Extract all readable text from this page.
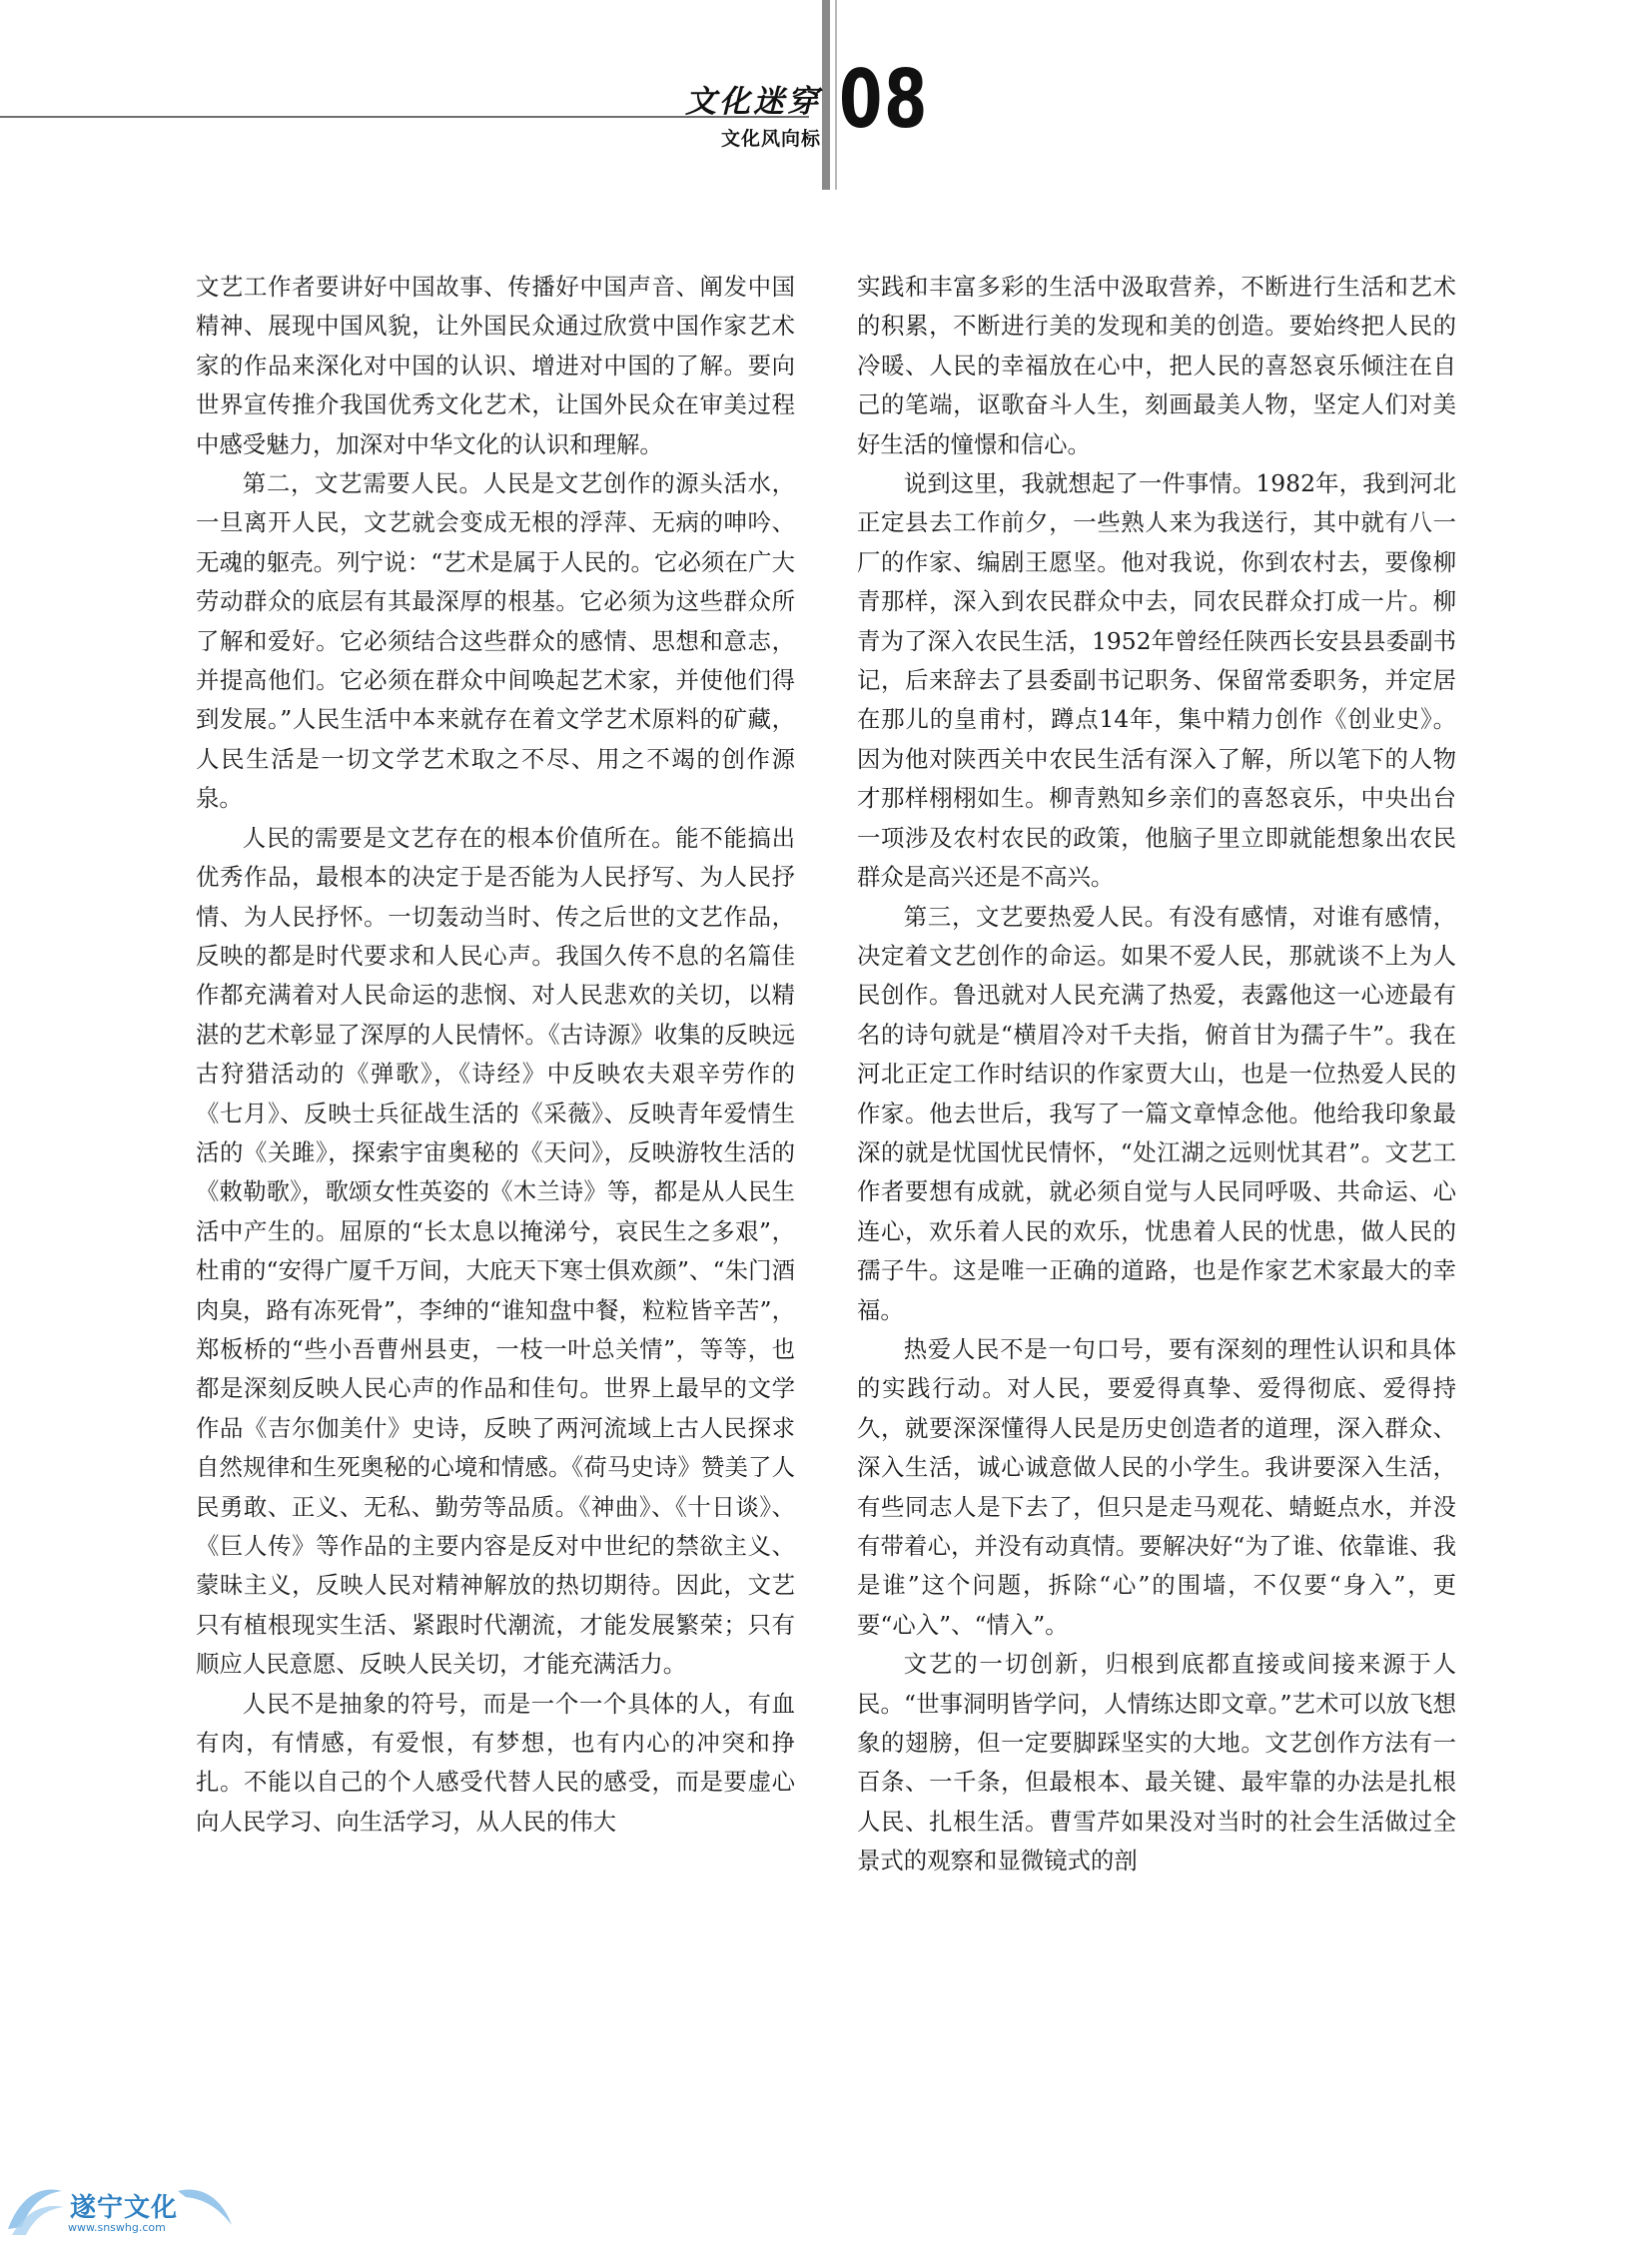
文化迷穿
文化风向标 08

文艺工作者要讲好中国故事、传播好中国声音、阐发中国精神、展现中国风貌，让外国民众通过欣赏中国作家艺术家的作品来深化对中国的认识、增进对中国的了解。要向世界宣传推介我国优秀文化艺术，让国外民众在审美过程中感受魅力，加深对中华文化的认识和理解。

第二，文艺需要人民。人民是文艺创作的源头活水，一旦离开人民，文艺就会变成无根的浮萍、无病的呻吟、无魂的躯壳。列宁说：“艺术是属于人民的。它必须在广大劳动群众的底层有其最深厚的根基。它必须为这些群众所了解和爱好。它必须结合这些群众的感情、思想和意志，并提高他们。它必须在群众中间唤起艺术家，并使他们得到发展。”人民生活中本来就存在着文学艺术原料的矿藏，人民生活是一切文学艺术取之不尽、用之不竭的创作源泉。

人民的需要是文艺存在的根本价值所在。能不能搞出优秀作品，最根本的决定于是否能为人民抒写、为人民抒情、为人民抒怀。一切轰动当时、传之后世的文艺作品，反映的都是时代要求和人民心声。我国久传不息的名篇佳作都充满着对人民命运的悲悯、对人民悲欢的关切，以精湛的艺术彰显了深厚的人民情怀。《古诗源》收集的反映远古狩猎活动的《弹歌》，《诗经》中反映农夫艰辛劳作的《七月》、反映士兵征战生活的《采薇》、反映青年爱情生活的《关雎》，探索宇宙奥秘的《天问》，反映游牧生活的《敕勒歌》，歌颂女性英姿的《木兰诗》等，都是从人民生活中产生的。屈原的“长太息以掩涕兮，哀民生之多艰”，杜甫的“安得广厦千万间，大庇天下寒士俱欢颜”、“朱门酒肉臭，路有冻死骨”，李绅的“谁知盘中餐，粒粒皆辛苦”，郑板桥的“些小吾曹州县吏，一枝一叶总关情”，等等，也都是深刻反映人民心声的作品和佳句。世界上最早的文学作品《吉尔伽美什》史诗，反映了两河流域上古人民探求自然规律和生死奥秘的心境和情感。《荷马史诗》赞美了人民勇敢、正义、无私、勤劳等品质。《神曲》、《十日谈》、《巨人传》等作品的主要内容是反对中世纪的禁欲主义、蒙昧主义，反映人民对精神解放的热切期待。因此，文艺只有植根现实生活、紧跟时代潮流，才能发展繁荣；只有顺应人民意愿、反映人民关切，才能充满活力。

人民不是抽象的符号，而是一个一个具体的人，有血有肉，有情感，有爱恨，有梦想，也有内心的冲突和挣扎。不能以自己的个人感受代替人民的感受，而是要虚心向人民学习、向生活学习，从人民的伟大

实践和丰富多彩的生活中汲取营养，不断进行生活和艺术的积累，不断进行美的发现和美的创造。要始终把人民的冷暖、人民的幸福放在心中，把人民的喜怒哀乐倾注在自己的笔端，讴歌奋斗人生，刻画最美人物，坚定人们对美好生活的憧憬和信心。

说到这里，我就想起了一件事情。1982年，我到河北正定县去工作前夕，一些熟人来为我送行，其中就有八一厂的作家、编剧王愿坚。他对我说，你到农村去，要像柳青那样，深入到农民群众中去，同农民群众打成一片。柳青为了深入农民生活，1952年曾经任陕西长安县县委副书记，后来辞去了县委副书记职务、保留常委职务，并定居在那儿的皇甫村，蹲点14年，集中精力创作《创业史》。因为他对陕西关中农民生活有深入了解，所以笔下的人物才那样栩栩如生。柳青熟知乡亲们的喜怒哀乐，中央出台一项涉及农村农民的政策，他脑子里立即就能想象出农民群众是高兴还是不高兴。

第三，文艺要热爱人民。有没有感情，对谁有感情，决定着文艺创作的命运。如果不爱人民，那就谈不上为人民创作。鲁迅就对人民充满了热爱，表露他这一心迹最有名的诗句就是“横眉冷对千夫指，俯首甘为孺子牛”。我在河北正定工作时结识的作家贾大山，也是一位热爱人民的作家。他去世后，我写了一篇文章悼念他。他给我印象最深的就是忧国忧民情怀，“处江湖之远则忧其君”。文艺工作者要想有成就，就必须自觉与人民同呼吸、共命运、心连心，欢乐着人民的欢乐，忧患着人民的忧患，做人民的孺子牛。这是唯一正确的道路，也是作家艺术家最大的幸福。

热爱人民不是一句口号，要有深刻的理性认识和具体的实践行动。对人民，要爱得真挚、爱得彻底、爱得持久，就要深深懂得人民是历史创造者的道理，深入群众、深入生活，诚心诚意做人民的小学生。我讲要深入生活，有些同志人是下去了，但只是走马观花、蜻蜓点水，并没有带着心，并没有动真情。要解决好“为了谁、依靠谁、我是谁”这个问题，拆除“心”的围墙，不仅要“身入”，更要“心入”、“情入”。

文艺的一切创新，归根到底都直接或间接来源于人民。“世事洞明皆学问，人情练达即文章。”艺术可以放飞想象的翅膀，但一定要脚踩坚实的大地。文艺创作方法有一百条、一千条，但最根本、最关键、最牢靠的办法是扎根人民、扎根生活。曹雪芹如果没对当时的社会生活做过全景式的观察和显微镜式的剖

遂宁文化
www.snswhg.com
